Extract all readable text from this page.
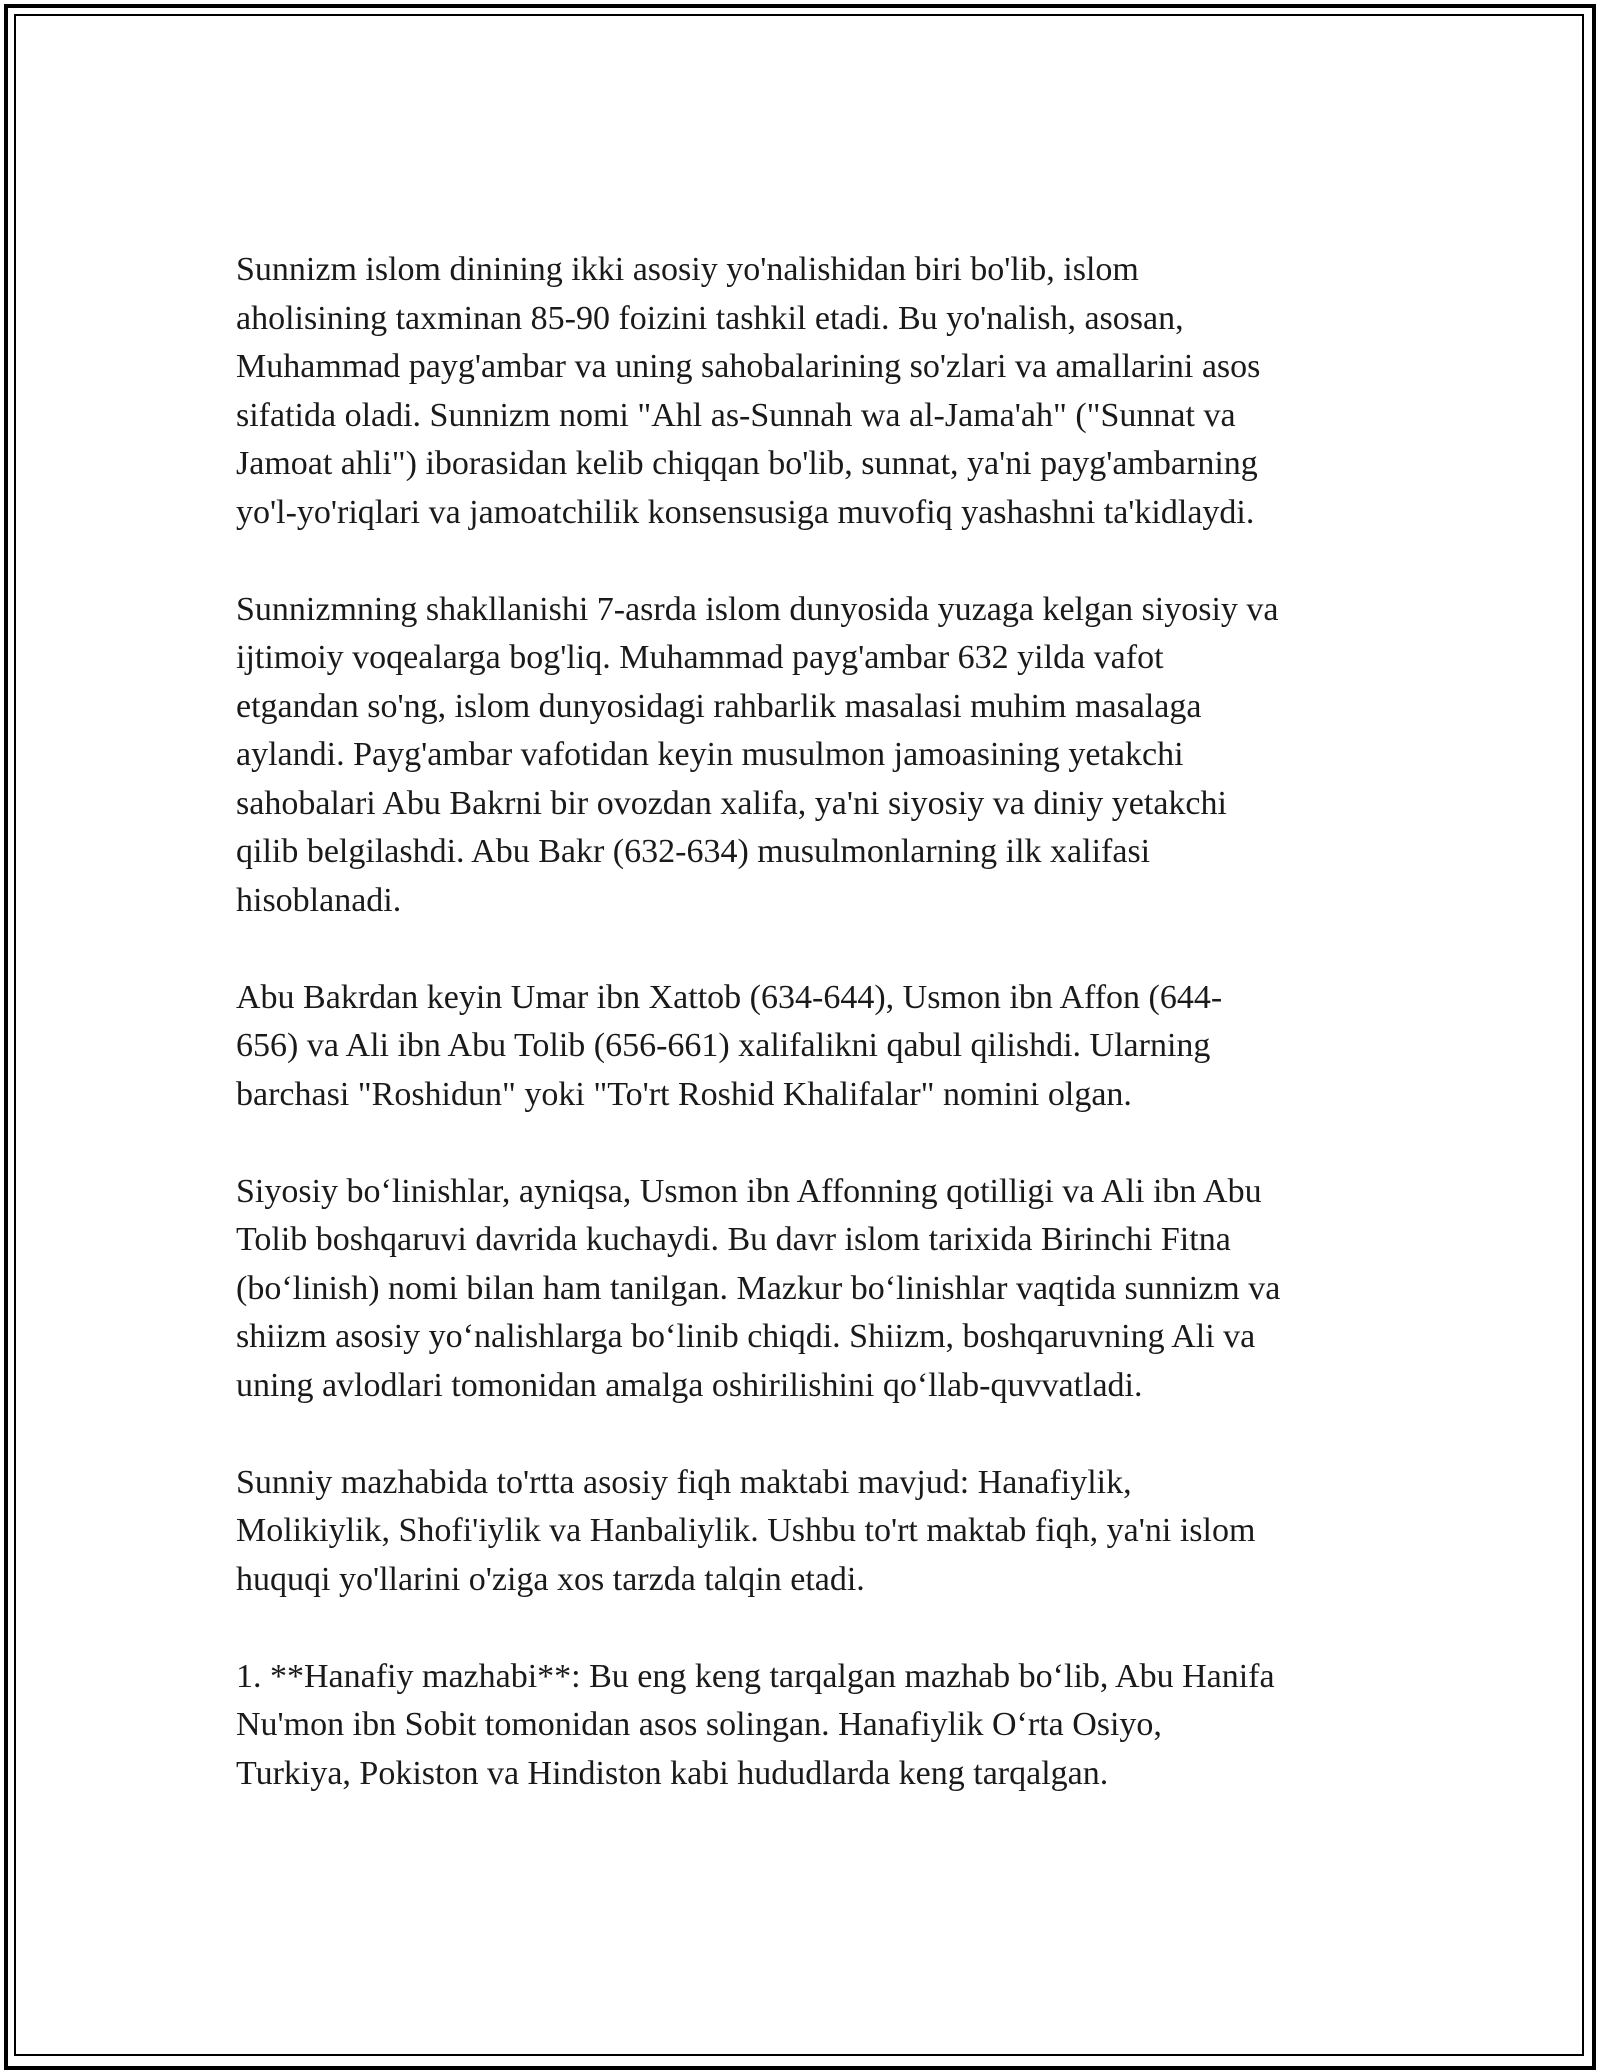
Sunnizm islom dinining ikki asosiy yo'nalishidan biri bo'lib, islom
aholisining taxminan 85-90 foizini tashkil etadi. Bu yo'nalish, asosan,
Muhammad payg'ambar va uning sahobalarining so'zlari va amallarini asos
sifatida oladi. Sunnizm nomi "Ahl as-Sunnah wa al-Jama'ah" ("Sunnat va
Jamoat ahli") iborasidan kelib chiqqan bo'lib, sunnat, ya'ni payg'ambarning
yo'l-yo'riqlari va jamoatchilik konsensusiga muvofiq yashashni ta'kidlaydi.

Sunnizmning shakllanishi 7-asrda islom dunyosida yuzaga kelgan siyosiy va
ijtimoiy voqealarga bog'liq. Muhammad payg'ambar 632 yilda vafot
etgandan so'ng, islom dunyosidagi rahbarlik masalasi muhim masalaga
aylandi. Payg'ambar vafotidan keyin musulmon jamoasining yetakchi
sahobalari Abu Bakrni bir ovozdan xalifa, ya'ni siyosiy va diniy yetakchi
qilib belgilashdi. Abu Bakr (632-634) musulmonlarning ilk xalifasi
hisoblanadi.

Abu Bakrdan keyin Umar ibn Xattob (634-644), Usmon ibn Affon (644-
656) va Ali ibn Abu Tolib (656-661) xalifalikni qabul qilishdi. Ularning
barchasi "Roshidun" yoki "To'rt Roshid Khalifalar" nomini olgan.

Siyosiy bo‘linishlar, ayniqsa, Usmon ibn Affonning qotilligi va Ali ibn Abu
Tolib boshqaruvi davrida kuchaydi. Bu davr islom tarixida Birinchi Fitna
(bo‘linish) nomi bilan ham tanilgan. Mazkur bo‘linishlar vaqtida sunnizm va
shiizm asosiy yo‘nalishlarga bo‘linib chiqdi. Shiizm, boshqaruvning Ali va
uning avlodlari tomonidan amalga oshirilishini qo‘llab-quvvatladi.

Sunniy mazhabida to'rtta asosiy fiqh maktabi mavjud: Hanafiylik,
Molikiylik, Shofi'iylik va Hanbaliylik. Ushbu to'rt maktab fiqh, ya'ni islom
huquqi yo'llarini o'ziga xos tarzda talqin etadi.

1. **Hanafiy mazhabi**: Bu eng keng tarqalgan mazhab bo‘lib, Abu Hanifa
Nu'mon ibn Sobit tomonidan asos solingan. Hanafiylik O‘rta Osiyo,
Turkiya, Pokiston va Hindiston kabi hududlarda keng tarqalgan.
